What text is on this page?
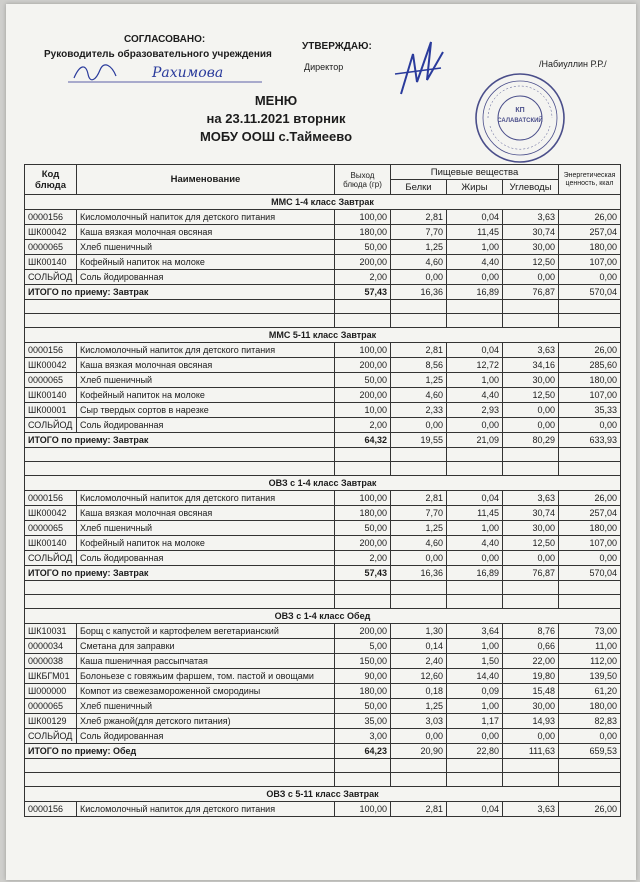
СОГЛАСОВАНО:
Руководитель образовательного учреждения
Рахимова
УТВЕРЖДАЮ:
Директор	/Набиуллин Р.Р./
КП
САЛАВАТСКИЙ
МЕНЮ
на 23.11.2021 вторник
МОБУ ООШ с.Таймеево
Код блюда	Наименование	Выход блюда (гр)	Пищевые вещества			Энергетическая ценность, ккал
			Белки	Жиры	Углеводы	
ММС 1-4 класс Завтрак						
0000156	Кисломолочный напиток для детского питания	100,00	2,81	0,04	3,63	26,00
ШК00042	Каша вязкая молочная овсяная	180,00	7,70	11,45	30,74	257,04
0000065	Хлеб пшеничный	50,00	1,25	1,00	30,00	180,00
ШК00140	Кофейный напиток на молоке	200,00	4,60	4,40	12,50	107,00
СОЛЬЙОД	Соль йодированная	2,00	0,00	0,00	0,00	0,00
ИТОГО по приему: Завтрак		57,43	16,36	16,89	76,87	570,04

ММС 5-11 класс Завтрак						
0000156	Кисломолочный напиток для детского питания	100,00	2,81	0,04	3,63	26,00
ШК00042	Каша вязкая молочная овсяная	200,00	8,56	12,72	34,16	285,60
0000065	Хлеб пшеничный	50,00	1,25	1,00	30,00	180,00
ШК00140	Кофейный напиток на молоке	200,00	4,60	4,40	12,50	107,00
ШК00001	Сыр твердых сортов в нарезке	10,00	2,33	2,93	0,00	35,33
СОЛЬЙОД	Соль йодированная	2,00	0,00	0,00	0,00	0,00
ИТОГО по приему: Завтрак		64,32	19,55	21,09	80,29	633,93

ОВЗ с 1-4 класс Завтрак						
0000156	Кисломолочный напиток для детского питания	100,00	2,81	0,04	3,63	26,00
ШК00042	Каша вязкая молочная овсяная	180,00	7,70	11,45	30,74	257,04
0000065	Хлеб пшеничный	50,00	1,25	1,00	30,00	180,00
ШК00140	Кофейный напиток на молоке	200,00	4,60	4,40	12,50	107,00
СОЛЬЙОД	Соль йодированная	2,00	0,00	0,00	0,00	0,00
ИТОГО по приему: Завтрак		57,43	16,36	16,89	76,87	570,04

ОВЗ с 1-4 класс Обед						
ШК10031	Борщ с капустой и картофелем вегетарианский	200,00	1,30	3,64	8,76	73,00
0000034	Сметана для заправки	5,00	0,14	1,00	0,66	11,00
0000038	Каша пшеничная рассыпчатая	150,00	2,40	1,50	22,00	112,00
ШКБГМ01	Болоньезе с говяжьим фаршем, том. пастой и овощами	90,00	12,60	14,40	19,80	139,50
Ш000000	Компот из свежезамороженной смородины	180,00	0,18	0,09	15,48	61,20
0000065	Хлеб пшеничный	50,00	1,25	1,00	30,00	180,00
ШК00129	Хлеб ржаной(для детского питания)	35,00	3,03	1,17	14,93	82,83
СОЛЬЙОД	Соль йодированная	3,00	0,00	0,00	0,00	0,00
ИТОГО по приему: Обед		64,23	20,90	22,80	111,63	659,53

ОВЗ с 5-11 класс Завтрак						
0000156	Кисломолочный напиток для детского питания	100,00	2,81	0,04	3,63	26,00
